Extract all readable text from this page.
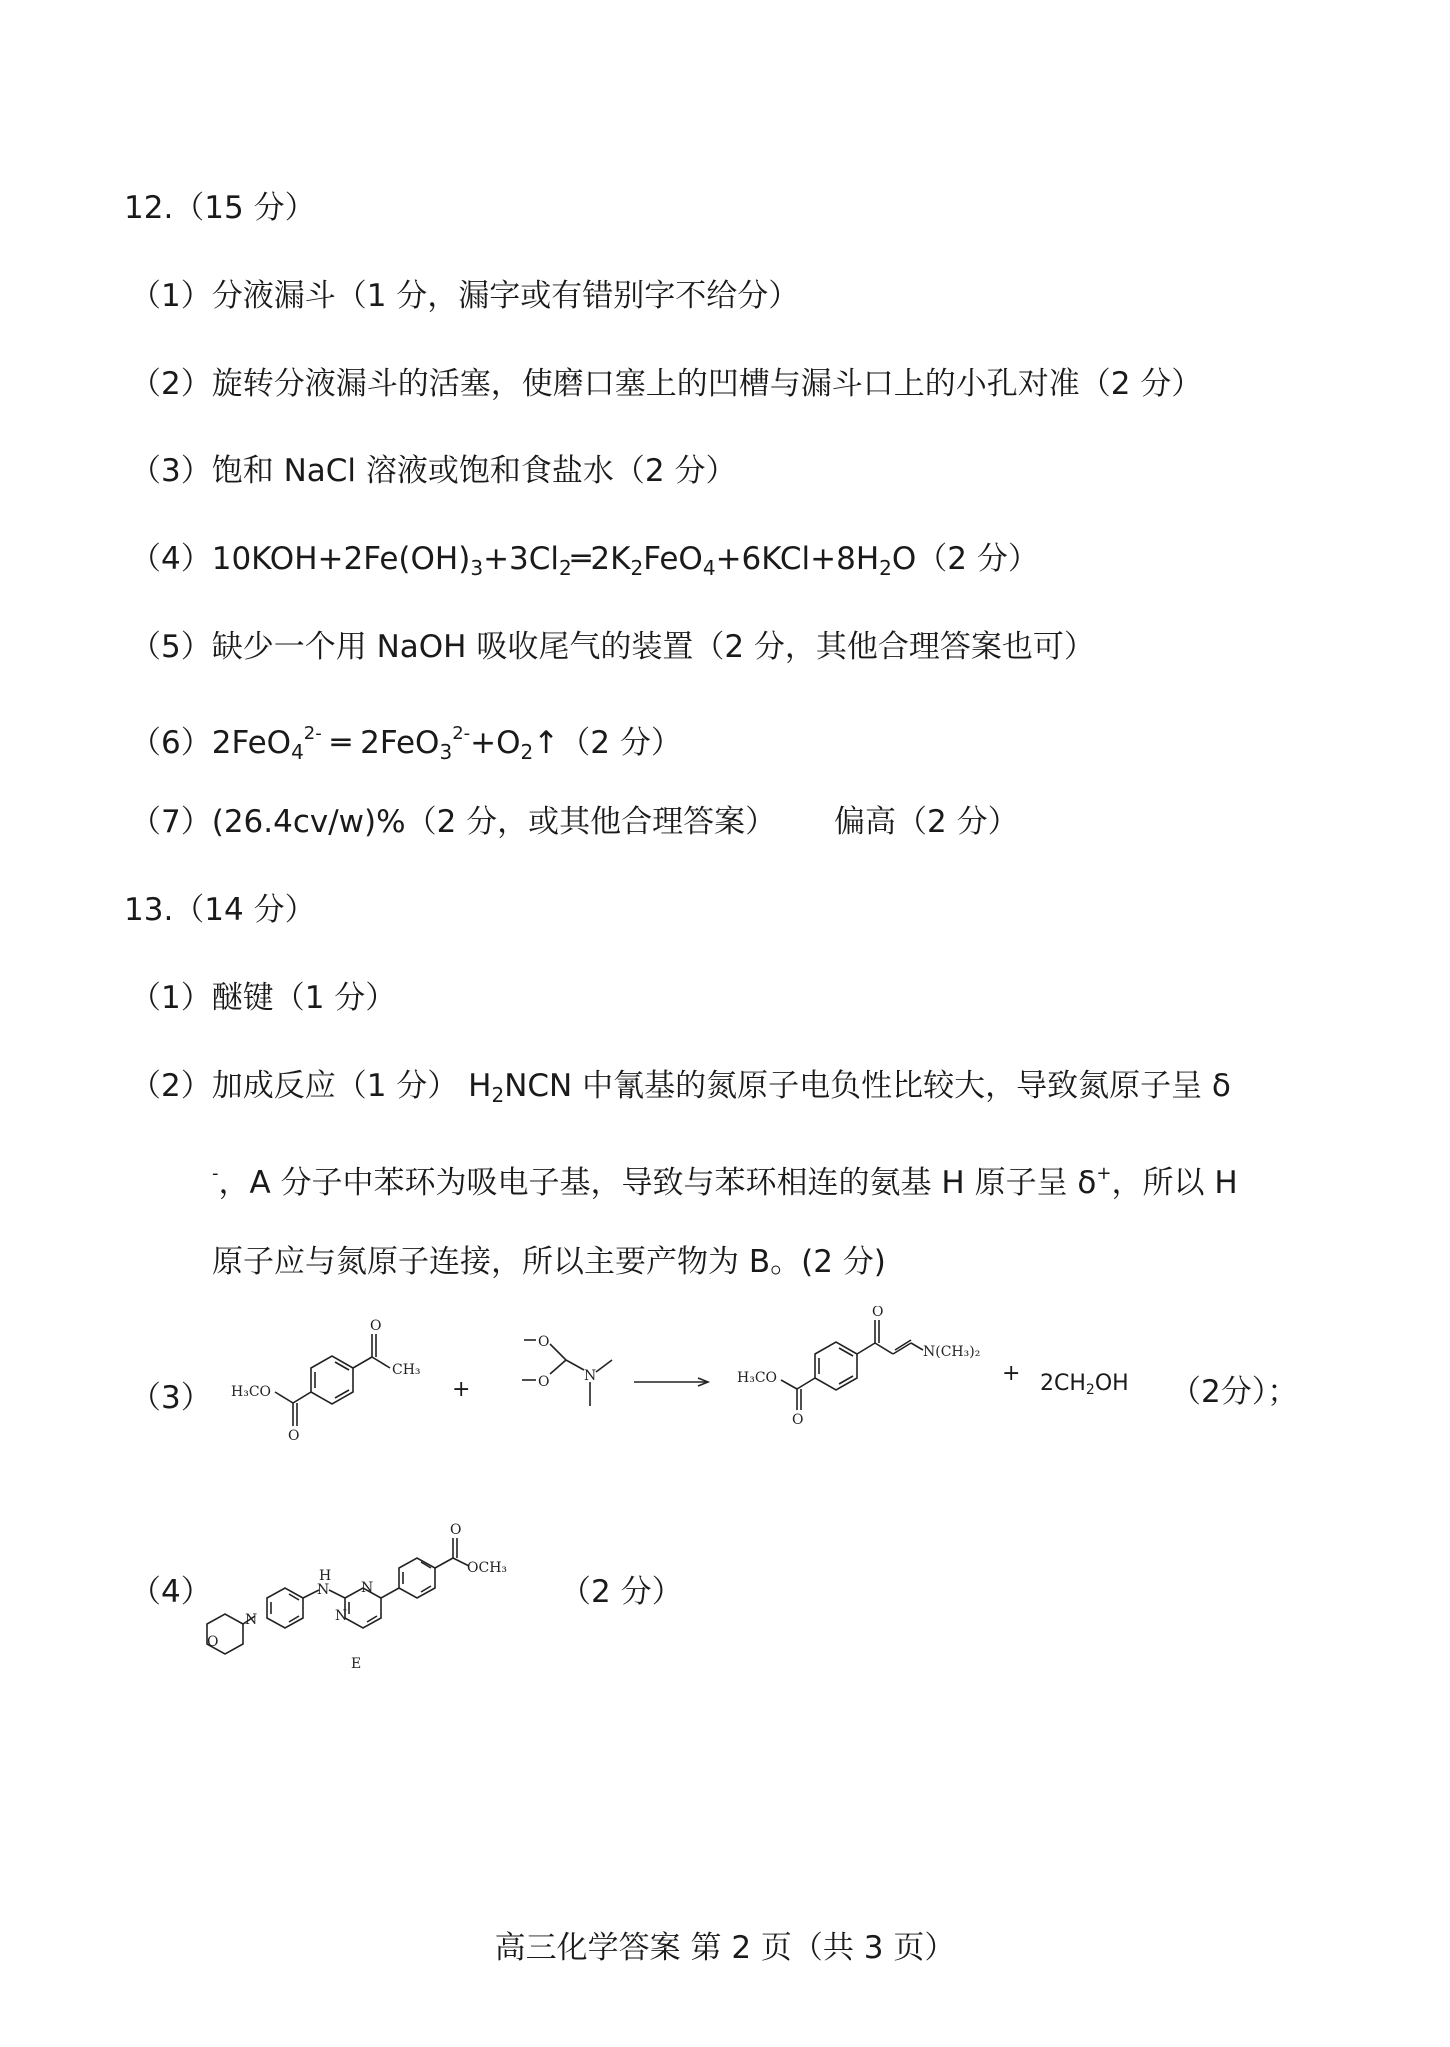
12.（15 分）
（1）分液漏斗（1 分，漏字或有错别字不给分）
（2）旋转分液漏斗的活塞，使磨口塞上的凹槽与漏斗口上的小孔对准（2 分）
（3）饱和 NaCl 溶液或饱和食盐水（2 分）
$(4)10KOH+2Fe(OH)_3+3Cl_2═2K_2FeO_4+6KCl+8H_2O(2$ 分）
（5）缺少一个用 NaOH 吸收尾气的装置（2 分，其他合理答案也可）
（6）2FeO$_4^{2-}$ ═ $2FeO_3^{2-}+O_2↑(2$ 分）
（7）(26.4cv/w)%（2 分，或其他合理答案） 偏高（2 分）
13.（14 分）
（1）醚键（1 分）
（2）加成反应（1 分） $H_2NCN$ 中氰基的氮原子电负性比较大，导致氮原子呈 δ
-，A 分子中苯环为吸电子基，导致与苯环相连的氨基 H 原子呈 δ+，所以 H
原子应与氮原子连接，所以主要产物为 B。(2 分)
（3）
O
CH₃
O
H₃CO	+
O
O N
O
N(CH₃)₂
O
H₃CO	+ 2CH2OH （2分）；
（4）
O
N
N
H
N
N
O
OCH₃
E
（2 分）
高三化学答案 第 2 页（共 3 页）
